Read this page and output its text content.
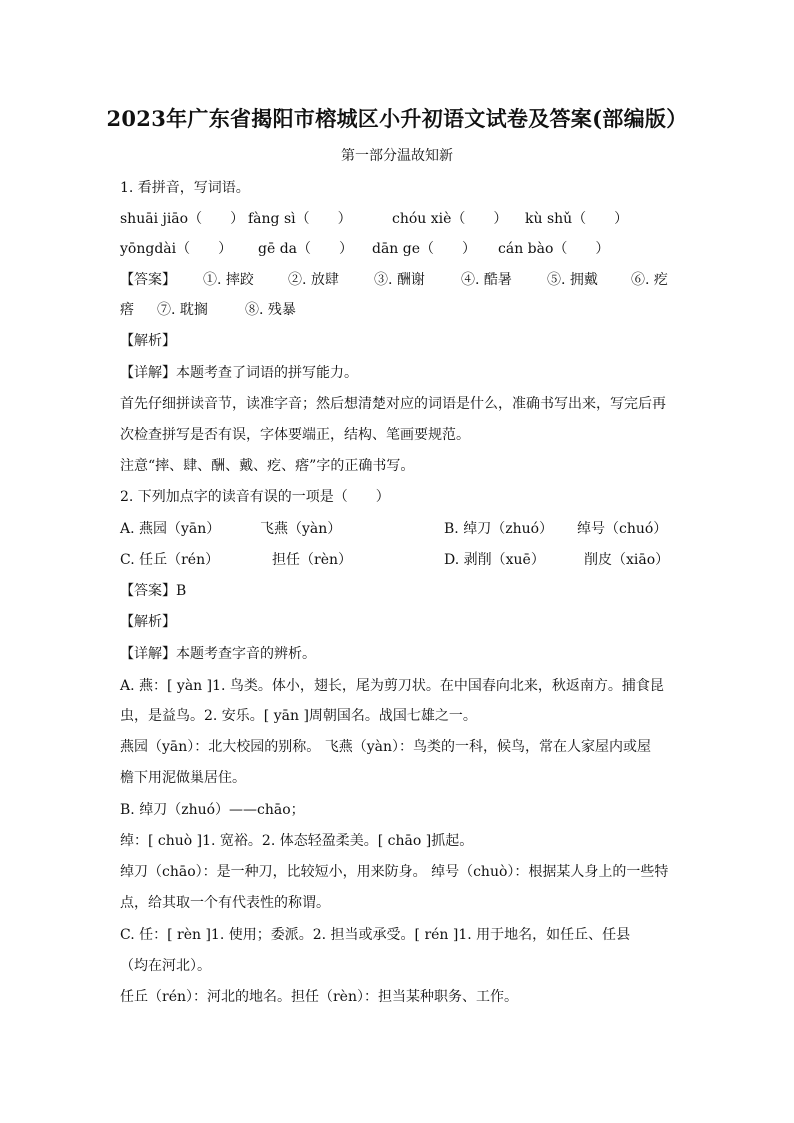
2023年广东省揭阳市榕城区小升初语文试卷及答案(部编版）
第一部分温故知新
1. 看拼音，写词语。
shuāi jiāo（　　） fàng sì（　　）	chóu xiè（　　） kù shǔ（　　）
yōngdài（　　） gē da（　　） dān ge（　　） cán bào（　　）
【答案】 ①. 摔跤 ②. 放肆	③. 酬谢	④. 酷暑	⑤. 拥戴 ⑥. 疙
瘩 ⑦. 耽搁	⑧. 残暴
【解析】
【详解】本题考查了词语的拼写能力。
首先仔细拼读音节，读准字音；然后想清楚对应的词语是什么，准确书写出来，写完后再
次检查拼写是否有误，字体要端正，结构、笔画要规范。
注意“摔、肆、酬、戴、疙、瘩”字的正确书写。
2. 下列加点字的读音有误的一项是（　　）
A. 燕园（yān）	飞燕（yàn）	B. 绰刀（zhuó） 绰号（chuó）
C. 任丘（rén）	担任（rèn）	D. 剥削（xuē）	削皮（xiāo）
【答案】B
【解析】
【详解】本题考查字音的辨析。
A. 燕：[ yàn ]1. 鸟类。体小，翅长，尾为剪刀状。在中国春向北来，秋返南方。捕食昆
虫，是益鸟。2. 安乐。[ yān ]周朝国名。战国七雄之一。
燕园（yān）：北大校园的别称。 飞燕（yàn）：鸟类的一科，候鸟，常在人家屋内或屋
檐下用泥做巢居住。
B. 绰刀（zhuó）——chāo；
绰：[ chuò ]1. 宽裕。2. 体态轻盈柔美。[ chāo ]抓起。
绰刀（chāo）：是一种刀，比较短小，用来防身。 绰号（chuò）：根据某人身上的一些特
点，给其取一个有代表性的称谓。
C. 任：[ rèn ]1. 使用；委派。2. 担当或承受。[ rén ]1. 用于地名，如任丘、任县
（均在河北）。
任丘（rén）：河北的地名。担任（rèn）：担当某种职务、工作。
